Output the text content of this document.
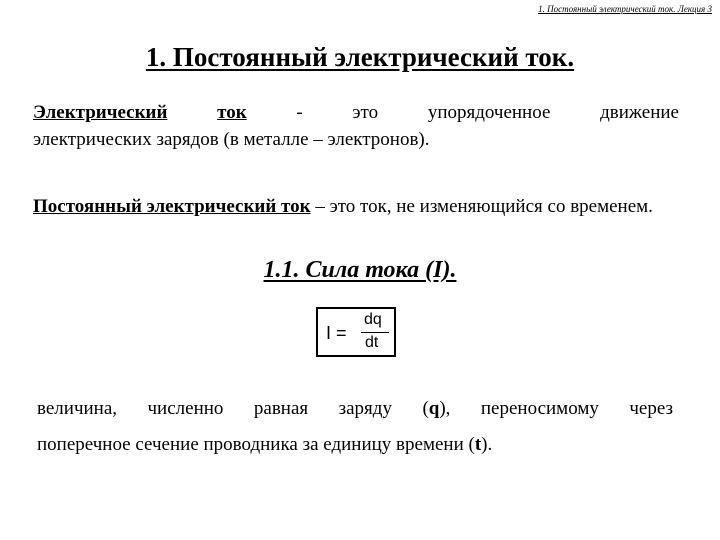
1. Постоянный электрический ток. Лекция 3
1. Постоянный электрический ток.
Электрический	ток	-	это	упорядоченное	движение
электрических зарядов (в металле – электронов).

Постоянный электрический ток – это ток, не изменяющийся со временем.

1.1. Сила тока (I).
I =
dq
dt
величина, численно равная заряду (q), переносимому через
поперечное сечение проводника за единицу времени (t).
